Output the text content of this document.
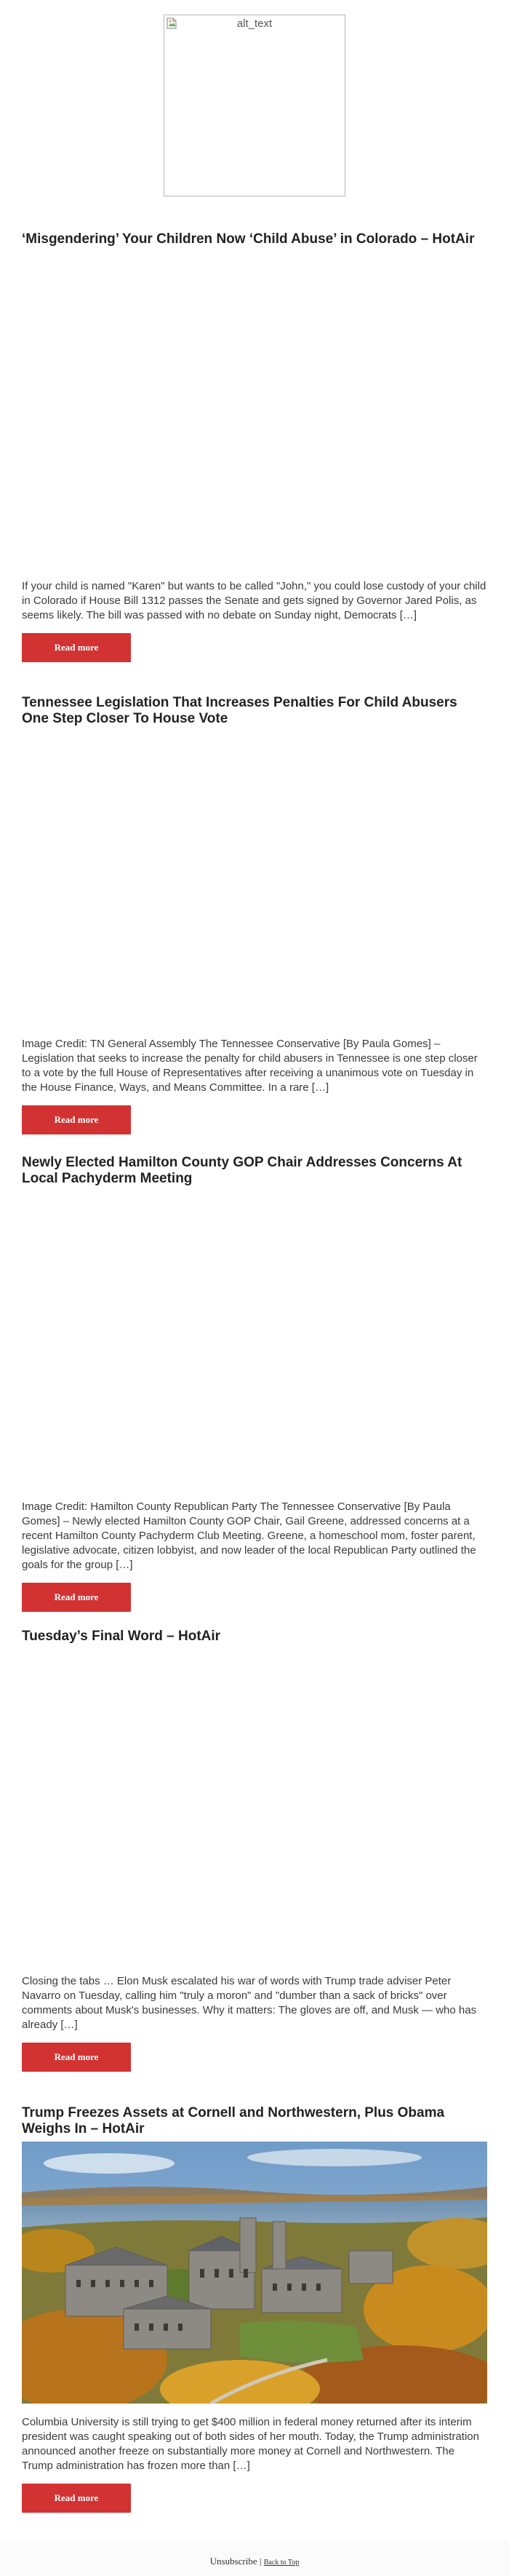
alt_text
‘Misgendering’ Your Children Now ‘Child Abuse’ in Colorado – HotAir

If your child is named "Karen" but wants to be called "John," you could lose custody of your child in Colorado if House Bill 1312 passes the Senate and gets signed by Governor Jared Polis, as seems likely. The bill was passed with no debate on Sunday night, Democrats […]

Read more
Tennessee Legislation That Increases Penalties For Child Abusers One Step Closer To House Vote

Image Credit: TN General Assembly The Tennessee Conservative [By Paula Gomes] – Legislation that seeks to increase the penalty for child abusers in Tennessee is one step closer to a vote by the full House of Representatives after receiving a unanimous vote on Tuesday in the House Finance, Ways, and Means Committee. In a rare […]

Read more
Newly Elected Hamilton County GOP Chair Addresses Concerns At Local Pachyderm Meeting

Image Credit: Hamilton County Republican Party The Tennessee Conservative [By Paula Gomes] – Newly elected Hamilton County GOP Chair, Gail Greene, addressed concerns at a recent Hamilton County Pachyderm Club Meeting. Greene, a homeschool mom, foster parent, legislative advocate, citizen lobbyist, and now leader of the local Republican Party outlined the goals for the group […]

Read more
Tuesday’s Final Word – HotAir

Closing the tabs … Elon Musk escalated his war of words with Trump trade adviser Peter Navarro on Tuesday, calling him "truly a moron" and "dumber than a sack of bricks" over comments about Musk's businesses. Why it matters: The gloves are off, and Musk — who has already […]

Read more
Trump Freezes Assets at Cornell and Northwestern, Plus Obama Weighs In – HotAir

Columbia University is still trying to get $400 million in federal money returned after its interim president was caught speaking out of both sides of her mouth. Today, the Trump administration announced another freeze on substantially more money at Cornell and Northwestern. The Trump administration has frozen more than […]

Read more
Unsubscribe | Back to Top
